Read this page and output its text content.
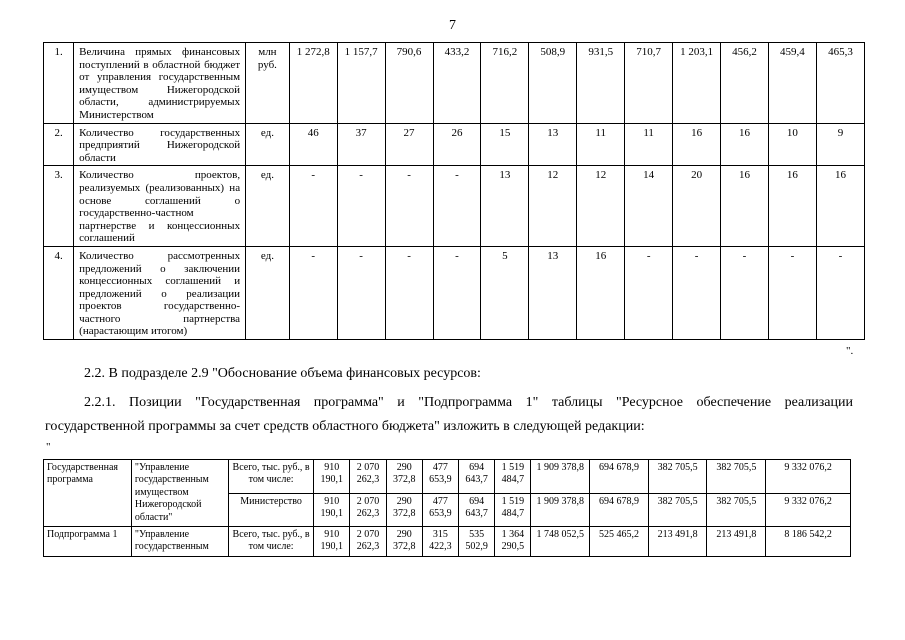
7
1.	Величина прямых финансовых поступлений в областной бюджет от управления государственным имуществом Нижегородской области, администрируемых Министерством	млн руб.	1 272,8	1 157,7	790,6	433,2	716,2	508,9	931,5	710,7	1 203,1	456,2	459,4	465,3
2.	Количество государственных предприятий Нижегородской области	ед.	46	37	27	26	15	13	11	11	16	16	10	9
3.	Количество проектов, реализуемых (реализованных) на основе соглашений о государственно-частном партнерстве и концессионных соглашений	ед.	-	-	-	-	13	12	12	14	20	16	16	16
4.	Количество рассмотренных предложений о заключении концессионных соглашений и предложений о реализации проектов государственно-частного партнерства (нарастающим итогом)	ед.	-	-	-	-	5	13	16	-	-	-	-	-
".
2.2. В подразделе 2.9 "Обоснование объема финансовых ресурсов:
2.2.1. Позиции "Государственная программа" и "Подпрограмма 1" таблицы "Ресурсное обеспечение реализации государственной программы за счет средств областного бюджета" изложить в следующей редакции:
"
Государственная программа	"Управление государственным имуществом Нижегородской области"	Всего, тыс. руб., в том числе:	910 190,1	2 070 262,3	290 372,8	477 653,9	694 643,7	1 519 484,7	1 909 378,8	694 678,9	382 705,5	382 705,5	9 332 076,2
		Министерство	910 190,1	2 070 262,3	290 372,8	477 653,9	694 643,7	1 519 484,7	1 909 378,8	694 678,9	382 705,5	382 705,5	9 332 076,2
Подпрограмма 1	"Управление государственным	Всего, тыс. руб., в том числе:	910 190,1	2 070 262,3	290 372,8	315 422,3	535 502,9	1 364 290,5	1 748 052,5	525 465,2	213 491,8	213 491,8	8 186 542,2
